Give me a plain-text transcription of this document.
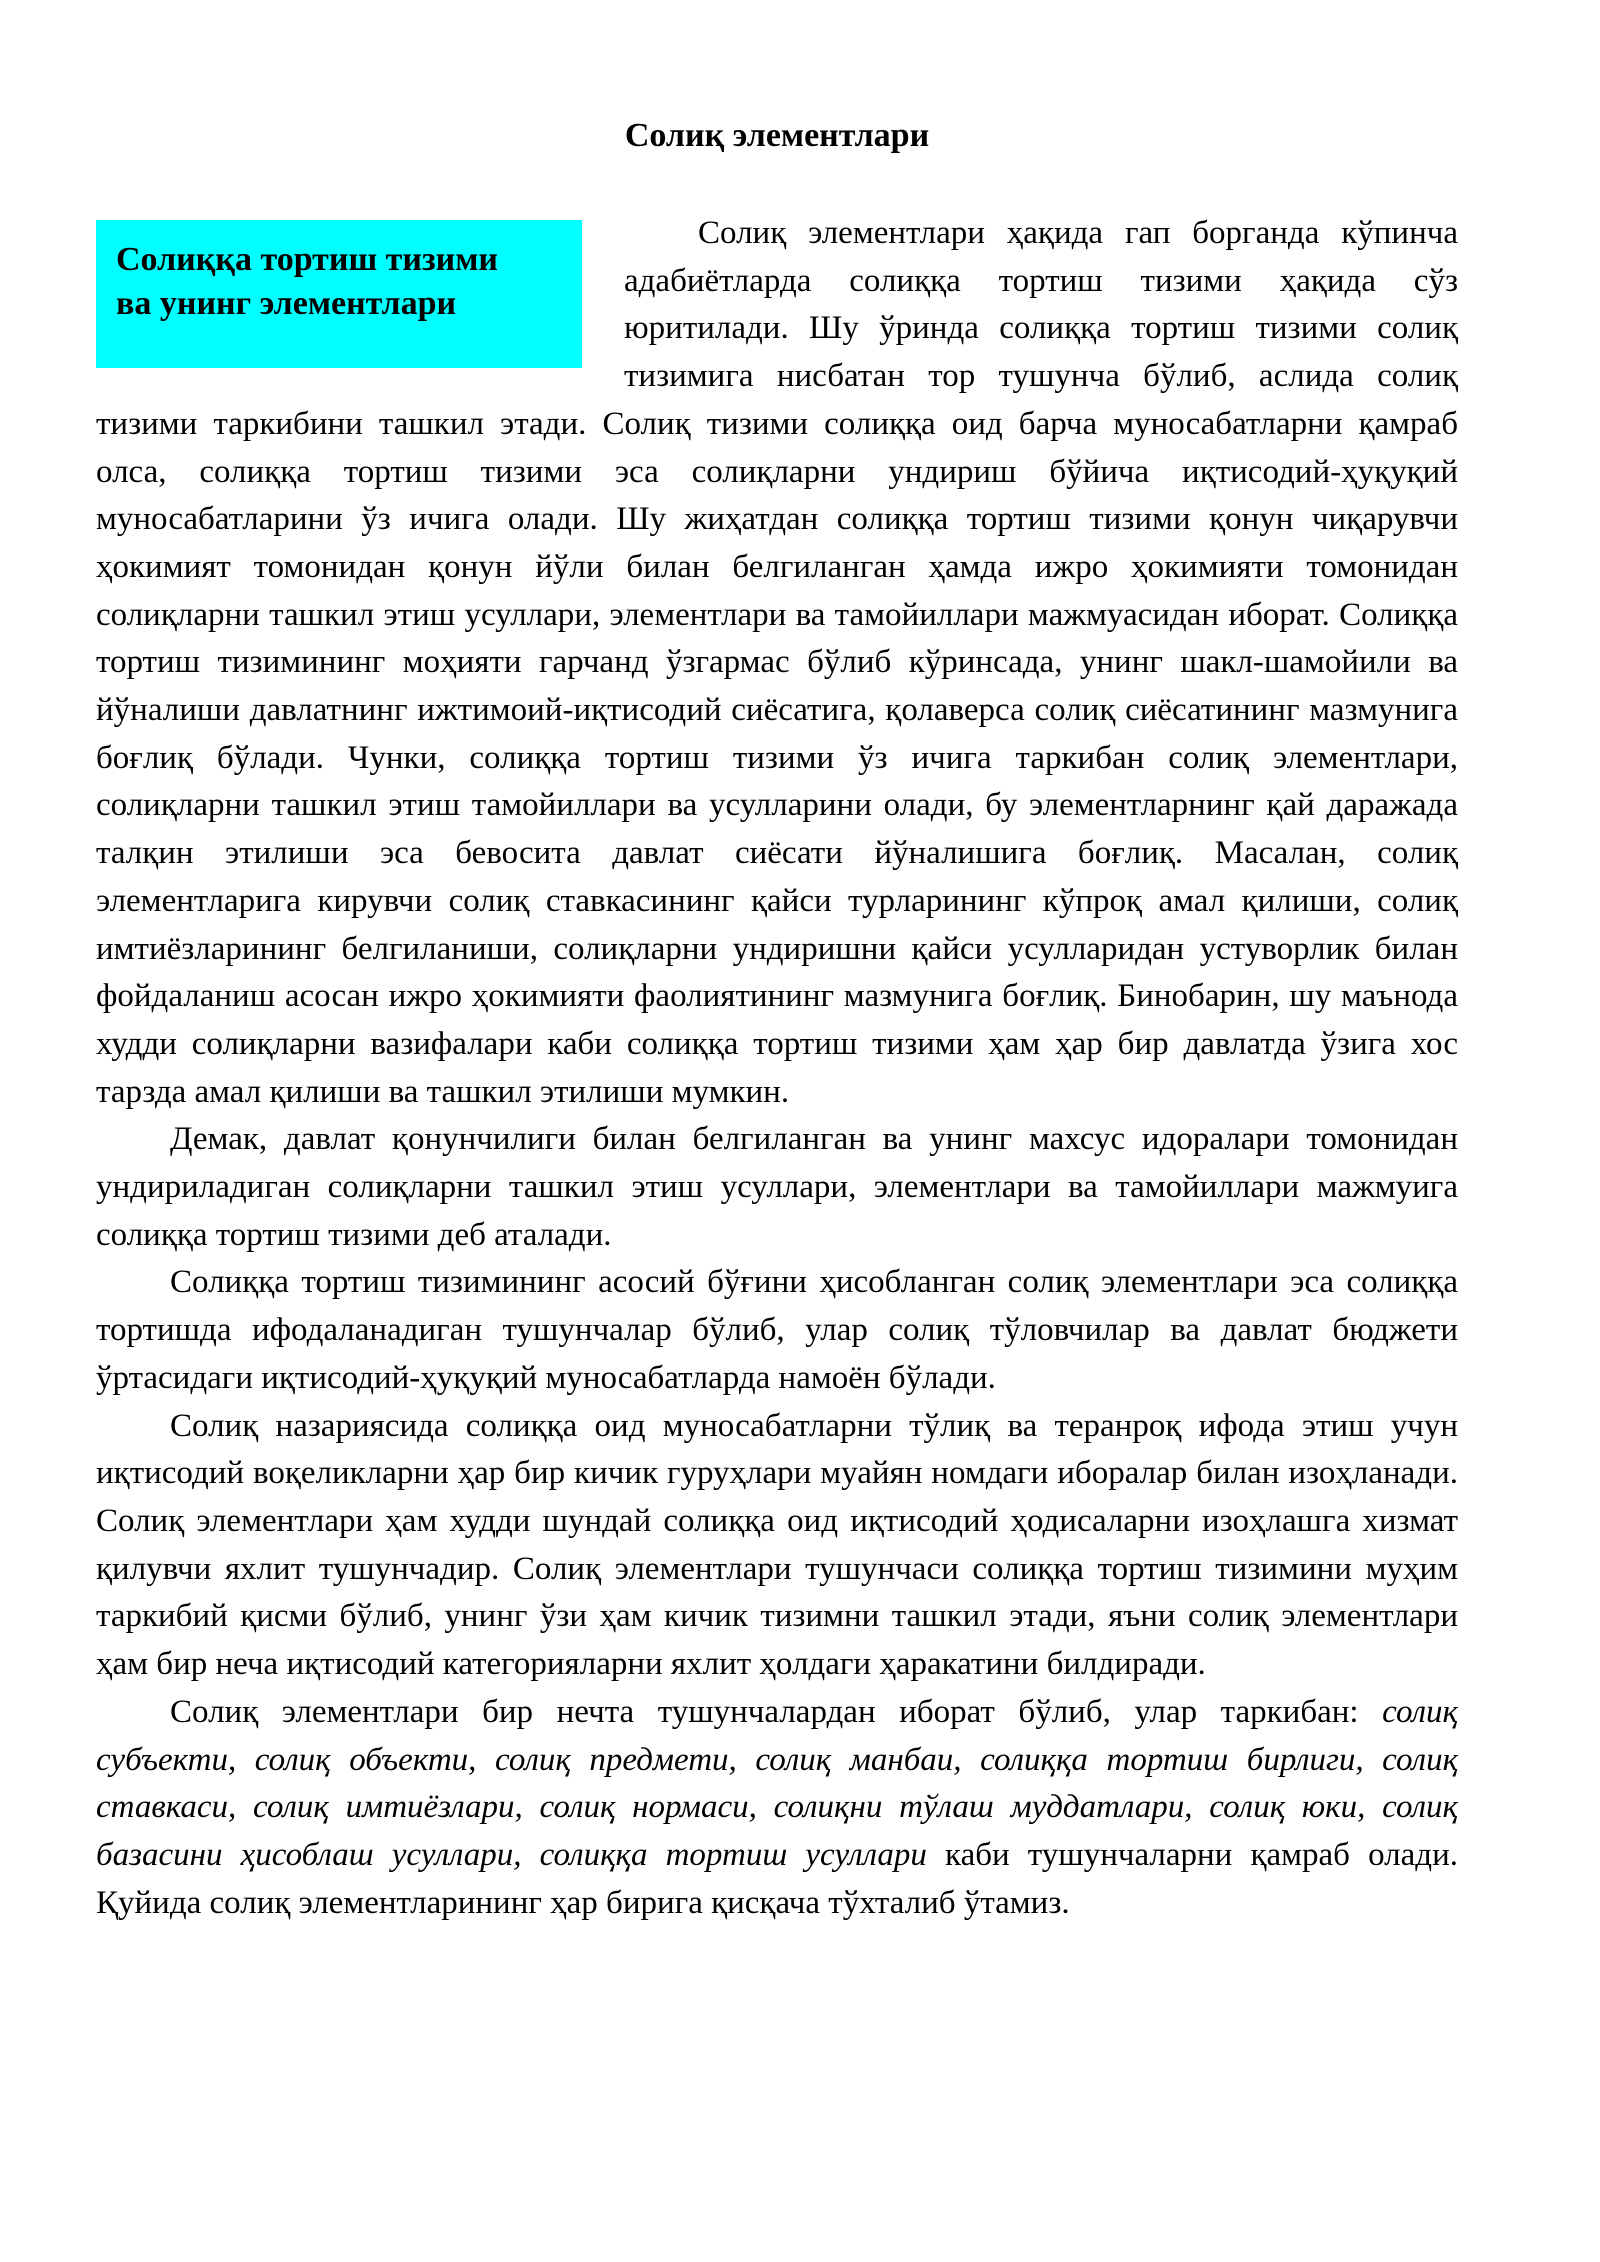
Солиқ элементлари

Солиққа тортиш тизими
ва унинг элементлари
Солиқ элементлари ҳақида гап борганда кўпинча адабиётларда солиққа тортиш тизими ҳақида сўз юритилади. Шу ўринда солиққа тортиш тизими солиқ тизимига нисбатан тор тушунча бўлиб, аслида солиқ тизими таркибини ташкил этади. Солиқ тизими солиққа оид барча муносабатларни қамраб олса, солиққа тортиш тизими эса солиқларни ундириш бўйича иқтисодий-ҳуқуқий муносабатларини ўз ичига олади. Шу жиҳатдан солиққа тортиш тизими қонун чиқарувчи ҳокимият томонидан қонун йўли билан белгиланган ҳамда ижро ҳокимияти томонидан солиқларни ташкил этиш усуллари, элементлари ва тамойиллари мажмуасидан иборат. Солиққа тортиш тизимининг моҳияти гарчанд ўзгармас бўлиб кўринсада, унинг шакл-шамойили ва йўналиши давлатнинг ижтимоий-иқтисодий сиёсатига, қолаверса солиқ сиёсатининг мазмунига боғлиқ бўлади. Чунки, солиққа тортиш тизими ўз ичига таркибан солиқ элементлари, солиқларни ташкил этиш тамойиллари ва усулларини олади, бу элементларнинг қай даражада талқин этилиши эса бевосита давлат сиёсати йўналишига боғлиқ. Масалан, солиқ элементларига кирувчи солиқ ставкасининг қайси турларининг кўпроқ амал қилиши, солиқ имтиёзларининг белгиланиши, солиқларни ундиришни қайси усулларидан устуворлик билан фойдаланиш асосан ижро ҳокимияти фаолиятининг мазмунига боғлиқ. Бинобарин, шу маънода худди солиқларни вазифалари каби солиққа тортиш тизими ҳам ҳар бир давлатда ўзига хос тарзда амал қилиши ва ташкил этилиши мумкин.

Демак, давлат қонунчилиги билан белгиланган ва унинг махсус идоралари томонидан ундириладиган солиқларни ташкил этиш усуллари, элементлари ва тамойиллари мажмуига солиққа тортиш тизими деб аталади.

Солиққа тортиш тизимининг асосий бўғини ҳисобланган солиқ элементлари эса солиққа тортишда ифодаланадиган тушунчалар бўлиб, улар солиқ тўловчилар ва давлат бюджети ўртасидаги иқтисодий-ҳуқуқий муносабатларда намоён бўлади.

Солиқ назариясида солиққа оид муносабатларни тўлиқ ва теранроқ ифода этиш учун иқтисодий воқеликларни ҳар бир кичик гуруҳлари муайян номдаги иборалар билан изоҳланади. Солиқ элементлари ҳам худди шундай солиққа оид иқтисодий ҳодисаларни изоҳлашга хизмат қилувчи яхлит тушунчадир. Солиқ элементлари тушунчаси солиққа тортиш тизимини муҳим таркибий қисми бўлиб, унинг ўзи ҳам кичик тизимни ташкил этади, яъни солиқ элементлари ҳам бир неча иқтисодий категорияларни яхлит ҳолдаги ҳаракатини билдиради.

Солиқ элементлари бир нечта тушунчалардан иборат бўлиб, улар таркибан: солиқ субъекти, солиқ объекти, солиқ предмети, солиқ манбаи, солиққа тортиш бирлиги, солиқ ставкаси, солиқ имтиёзлари, солиқ нормаси, солиқни тўлаш муддатлари, солиқ юки, солиқ базасини ҳисоблаш усуллари, солиққа тортиш усуллари каби тушунчаларни қамраб олади. Қуйида солиқ элементларининг ҳар бирига қисқача тўхталиб ўтамиз.
